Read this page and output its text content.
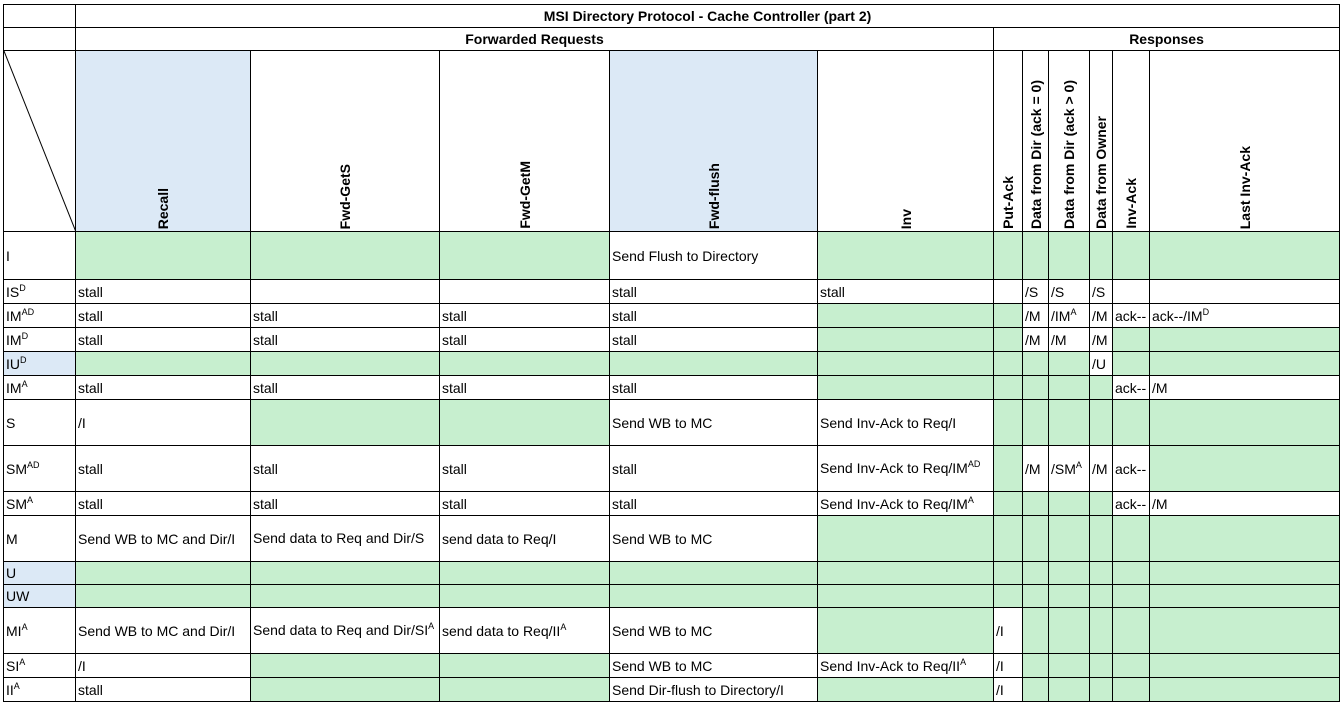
	MSI Directory Protocol - Cache Controller (part 2)										
	Forwarded Requests					Responses					

Recall	Fwd-GetS	Fwd-GetM	Fwd-flush	Inv	Put-Ack	Data from Dir (ack = 0)	Data from Dir (ack > 0)	Data from Owner	Inv-Ack	Last Inv-Ack

I				Send Flush to Directory							
$IS^D$	stall			stall	stall		/S	/S	/S		
$IM^{AD}$	stall	stall	stall	stall			/M	$/IM^A$	/M	ack--	ack-$-/IM^D$
$IM^D$	stall	stall	stall	stall			/M	/M	/M		
$IU^D$									/U		
$IM^A$	stall	stall	stall	stall						ack--	/M
S	/I			Send WB to MC	Send Inv-Ack to Req/I						
$SM^{AD}$	stall	stall	stall	stall	Send Inv-Ack to Req/$IM^{AD}$		/M	$/SM^A$	/M	ack--	
$SM^A$	stall	stall	stall	stall	Send Inv-Ack to Req/$IM^A$					ack--	/M
M	Send WB to MC and Dir/I	Send data to Req and Dir/S	send data to Req/I	Send WB to MC							
U											
UW											
$MI^A$	Send WB to MC and Dir/I	Send data to Req and Dir/$SI^A$	send data to Req/$II^A$	Send WB to MC		/I					
$SI^A$	/I			Send WB to MC	Send Inv-Ack to Req/$II^A$	/I					
$II^A$	stall			Send Dir-flush to Directory/I		/I					
